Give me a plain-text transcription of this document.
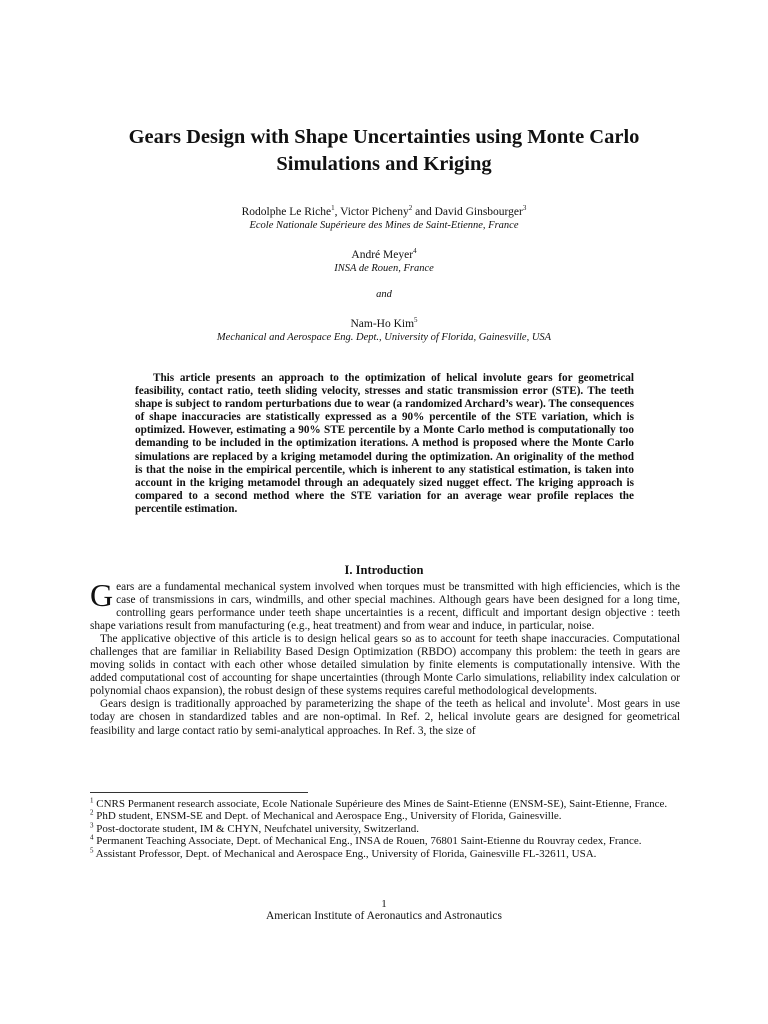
Gears Design with Shape Uncertainties using Monte Carlo
Simulations and Kriging
Rodolphe Le Riche$^1$, Victor Picheny$^2$ and David Ginsbourger$^3$
Ecole Nationale Supérieure des Mines de Saint-Etienne, France
André Meyer$^4$
INSA de Rouen, France
and
Nam-Ho Kim$^5$
Mechanical and Aerospace Eng. Dept., University of Florida, Gainesville, USA
This article presents an approach to the optimization of helical involute gears for geometrical feasibility, contact ratio, teeth sliding velocity, stresses and static transmission error (STE). The teeth shape is subject to random perturbations due to wear (a randomized Archard’s wear). The consequences of shape inaccuracies are statistically expressed as a 90% percentile of the STE variation, which is optimized. However, estimating a 90% STE percentile by a Monte Carlo method is computationally too demanding to be included in the optimization iterations. A method is proposed where the Monte Carlo simulations are replaced by a kriging metamodel during the optimization. An originality of the method is that the noise in the empirical percentile, which is inherent to any statistical estimation, is taken into account in the kriging metamodel through an adequately sized nugget effect. The kriging approach is compared to a second method where the STE variation for an average wear profile replaces the percentile estimation.
I. Introduction

Gears are a fundamental mechanical system involved when torques must be transmitted with high efficiencies, which is the case of transmissions in cars, windmills, and other special machines. Although gears have been designed for a long time, controlling gears performance under teeth shape uncertainties is a recent, difficult and important design objective : teeth shape variations result from manufacturing (e.g., heat treatment) and from wear and induce, in particular, noise.

The applicative objective of this article is to design helical gears so as to account for teeth shape inaccuracies. Computational challenges that are familiar in Reliability Based Design Optimization (RBDO) accompany this problem: the teeth in gears are moving solids in contact with each other whose detailed simulation by finite elements is computationally intensive. With the added computational cost of accounting for shape uncertainties (through Monte Carlo simulations, reliability index calculation or polynomial chaos expansion), the robust design of these systems requires careful methodological developments.

Gears design is traditionally approached by parameterizing the shape of the teeth as helical and involute$^1$. Most gears in use today are chosen in standardized tables and are non-optimal. In Ref. 2, helical involute gears are designed for geometrical feasibility and large contact ratio by semi-analytical approaches. In Ref. 3, the size of

$^1$ CNRS Permanent research associate, Ecole Nationale Supérieure des Mines de Saint-Etienne (ENSM-SE), Saint-Etienne, France.

$^2$ PhD student, ENSM-SE and Dept. of Mechanical and Aerospace Eng., University of Florida, Gainesville.

$^3$ Post-doctorate student, IM & CHYN, Neufchatel university, Switzerland.

$^4$ Permanent Teaching Associate, Dept. of Mechanical Eng., INSA de Rouen, 76801 Saint-Etienne du Rouvray cedex, France.

$^5$ Assistant Professor, Dept. of Mechanical and Aerospace Eng., University of Florida, Gainesville FL-32611, USA.

1
American Institute of Aeronautics and Astronautics
